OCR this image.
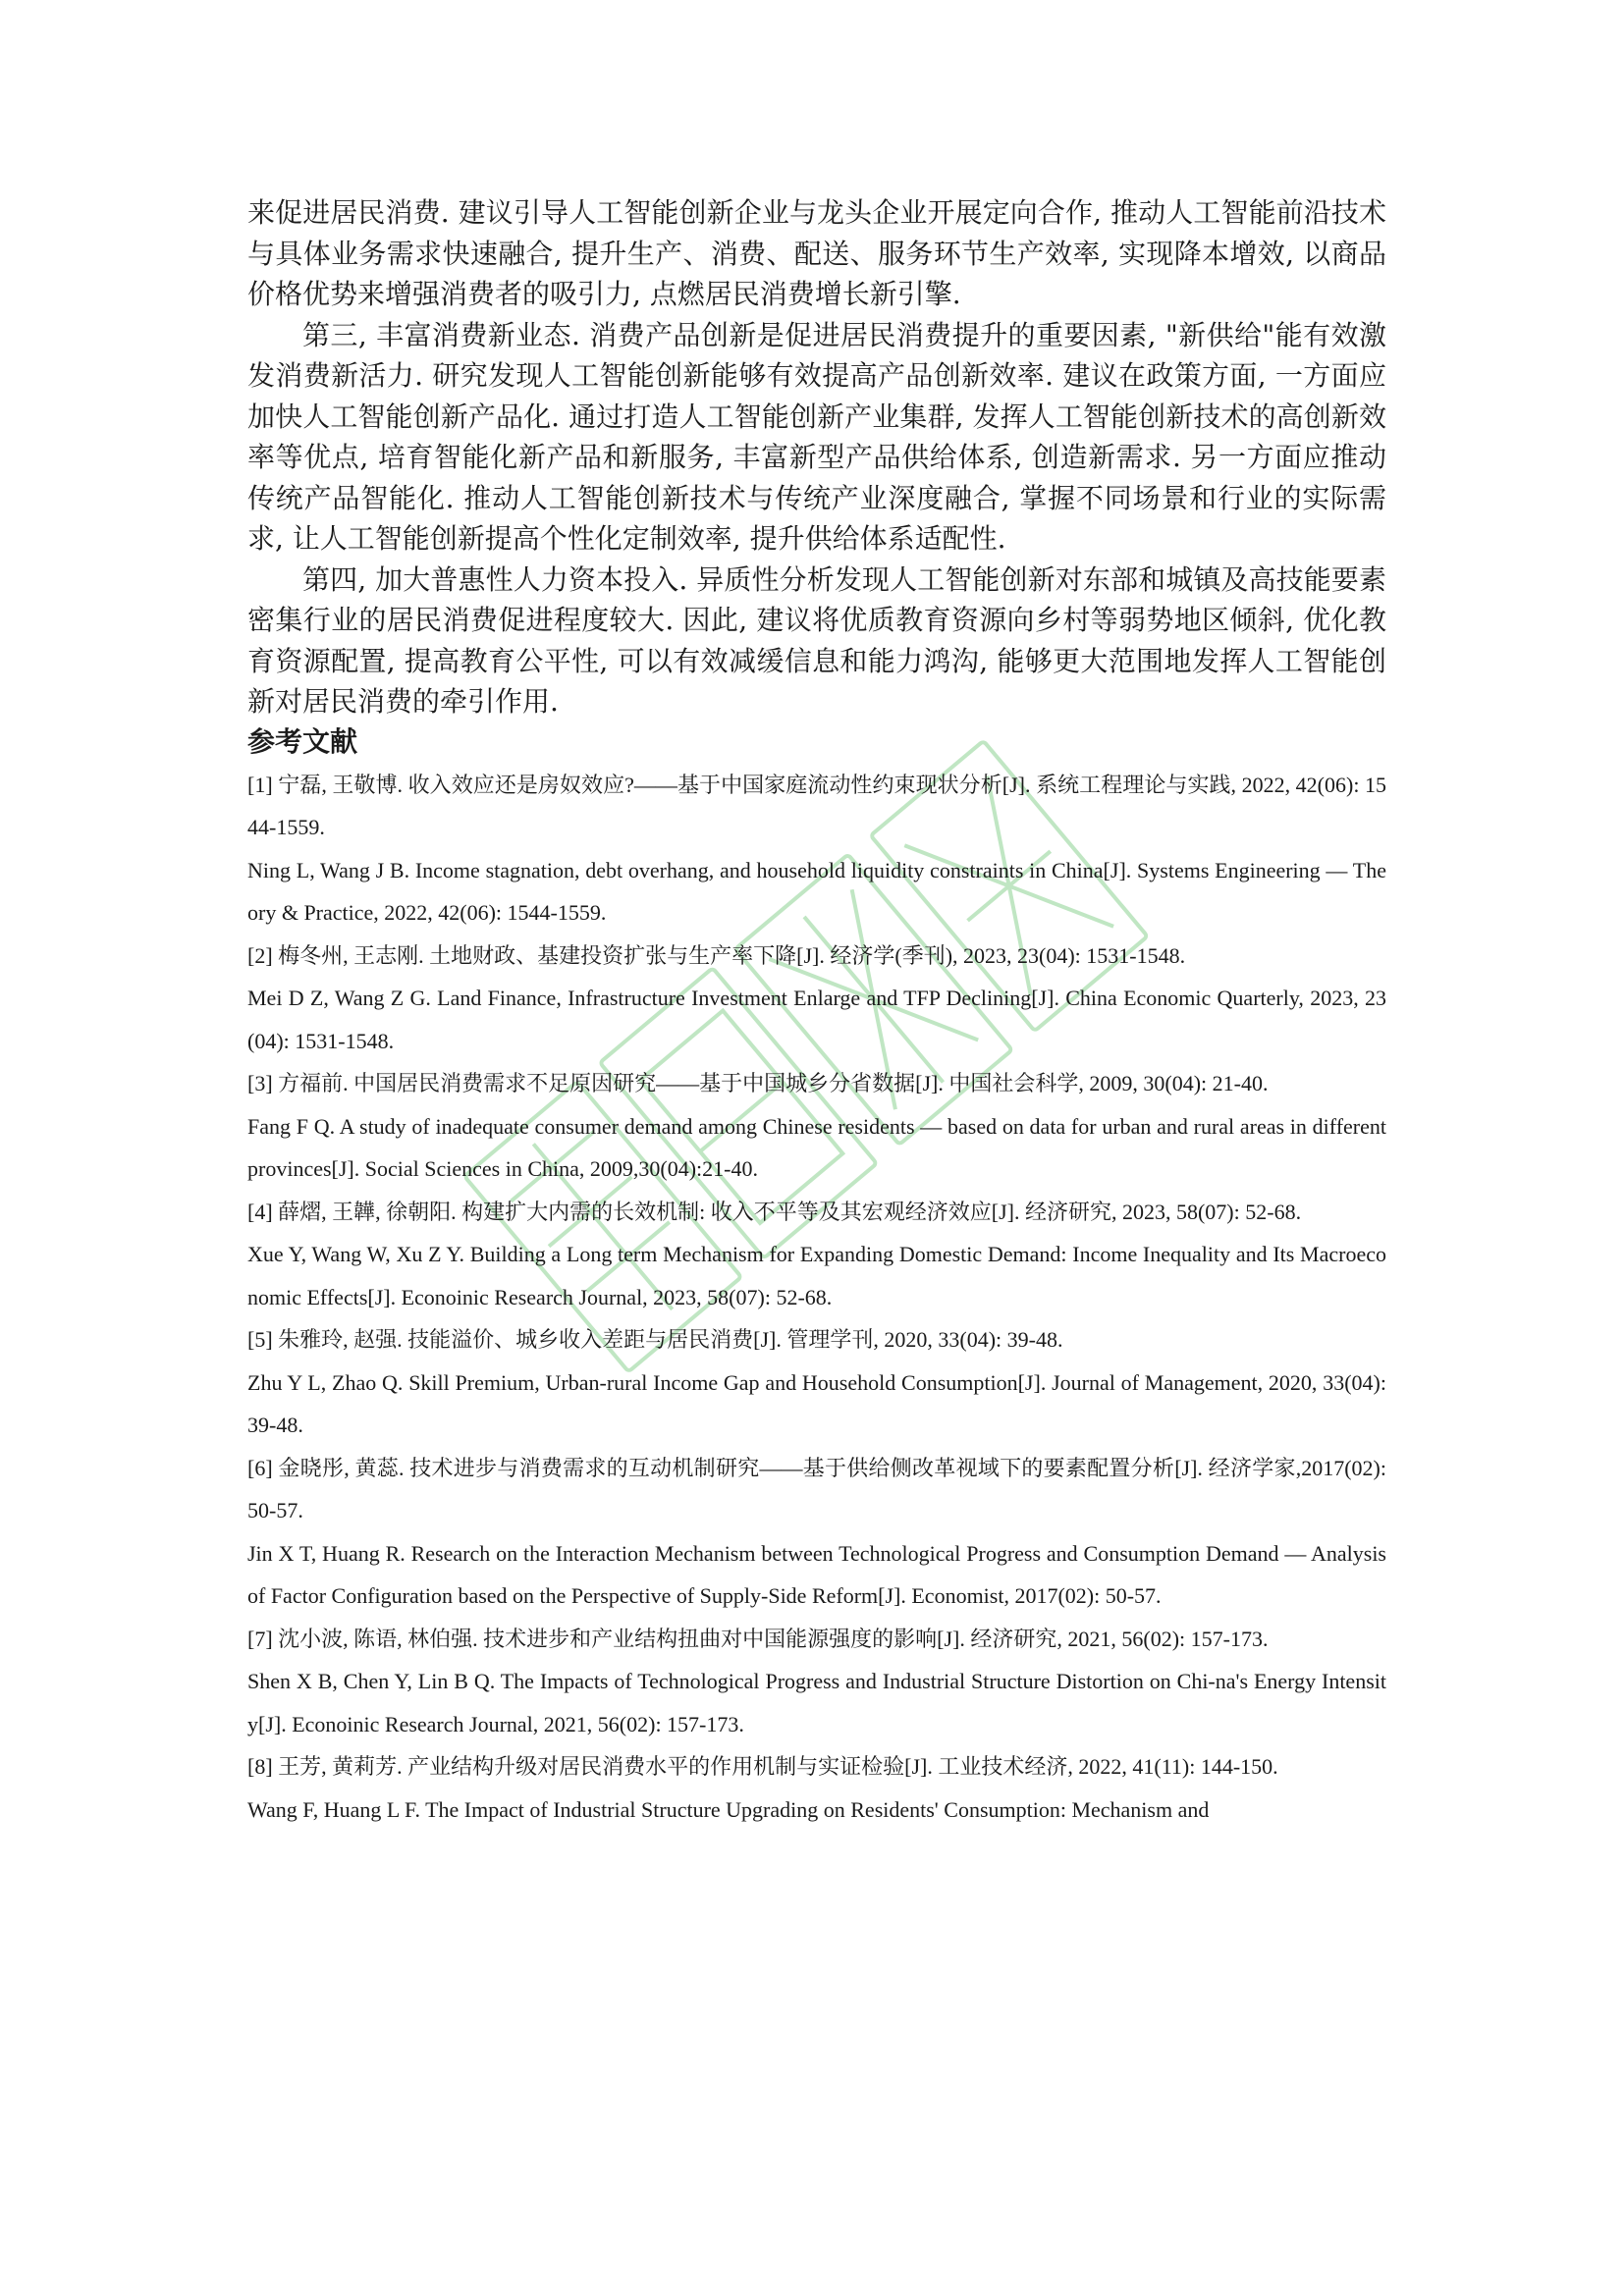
来促进居民消费. 建议引导人工智能创新企业与龙头企业开展定向合作, 推动人工智能前沿技术与具体业务需求快速融合, 提升生产、消费、配送、服务环节生产效率, 实现降本增效, 以商品价格优势来增强消费者的吸引力, 点燃居民消费增长新引擎.

第三, 丰富消费新业态. 消费产品创新是促进居民消费提升的重要因素, "新供给"能有效激发消费新活力. 研究发现人工智能创新能够有效提高产品创新效率. 建议在政策方面, 一方面应加快人工智能创新产品化. 通过打造人工智能创新产业集群, 发挥人工智能创新技术的高创新效率等优点, 培育智能化新产品和新服务, 丰富新型产品供给体系, 创造新需求. 另一方面应推动传统产品智能化. 推动人工智能创新技术与传统产业深度融合, 掌握不同场景和行业的实际需求, 让人工智能创新提高个性化定制效率, 提升供给体系适配性.

第四, 加大普惠性人力资本投入. 异质性分析发现人工智能创新对东部和城镇及高技能要素密集行业的居民消费促进程度较大. 因此, 建议将优质教育资源向乡村等弱势地区倾斜, 优化教育资源配置, 提高教育公平性, 可以有效减缓信息和能力鸿沟, 能够更大范围地发挥人工智能创新对居民消费的牵引作用.

参考文献

[1] 宁磊, 王敬博. 收入效应还是房奴效应?——基于中国家庭流动性约束现状分析[J]. 系统工程理论与实践, 2022, 42(06): 1544-1559.

Ning L, Wang J B. Income stagnation, debt overhang, and household liquidity constraints in China[J]. Systems Engineering — Theory & Practice, 2022, 42(06): 1544-1559.

[2] 梅冬州, 王志刚. 土地财政、基建投资扩张与生产率下降[J]. 经济学(季刊), 2023, 23(04): 1531-1548.

Mei D Z, Wang Z G. Land Finance, Infrastructure Investment Enlarge and TFP Declining[J]. China Economic Quarterly, 2023, 23(04): 1531-1548.

[3] 方福前. 中国居民消费需求不足原因研究——基于中国城乡分省数据[J]. 中国社会科学, 2009, 30(04): 21-40.

Fang F Q. A study of inadequate consumer demand among Chinese residents — based on data for urban and rural areas in different provinces[J]. Social Sciences in China, 2009,30(04):21-40.

[4] 薛熠, 王韡, 徐朝阳. 构建扩大内需的长效机制: 收入不平等及其宏观经济效应[J]. 经济研究, 2023, 58(07): 52-68.

Xue Y, Wang W, Xu Z Y. Building a Long term Mechanism for Expanding Domestic Demand: Income Inequality and Its Macroeconomic Effects[J]. Econoinic Research Journal, 2023, 58(07): 52-68.

[5] 朱雅玲, 赵强. 技能溢价、城乡收入差距与居民消费[J]. 管理学刊, 2020, 33(04): 39-48.

Zhu Y L, Zhao Q. Skill Premium, Urban-rural Income Gap and Household Consumption[J]. Journal of Management, 2020, 33(04): 39-48.

[6] 金晓彤, 黄蕊. 技术进步与消费需求的互动机制研究——基于供给侧改革视域下的要素配置分析[J]. 经济学家,2017(02): 50-57.

Jin X T, Huang R. Research on the Interaction Mechanism between Technological Progress and Consumption Demand — Analysis of Factor Configuration based on the Perspective of Supply-Side Reform[J]. Economist, 2017(02): 50-57.

[7] 沈小波, 陈语, 林伯强. 技术进步和产业结构扭曲对中国能源强度的影响[J]. 经济研究, 2021, 56(02): 157-173.

Shen X B, Chen Y, Lin B Q. The Impacts of Technological Progress and Industrial Structure Distortion on Chi-na's Energy Intensity[J]. Econoinic Research Journal, 2021, 56(02): 157-173.

[8] 王芳, 黄莉芳. 产业结构升级对居民消费水平的作用机制与实证检验[J]. 工业技术经济, 2022, 41(11): 144-150.

Wang F, Huang L F. The Impact of Industrial Structure Upgrading on Residents' Consumption: Mechanism and
